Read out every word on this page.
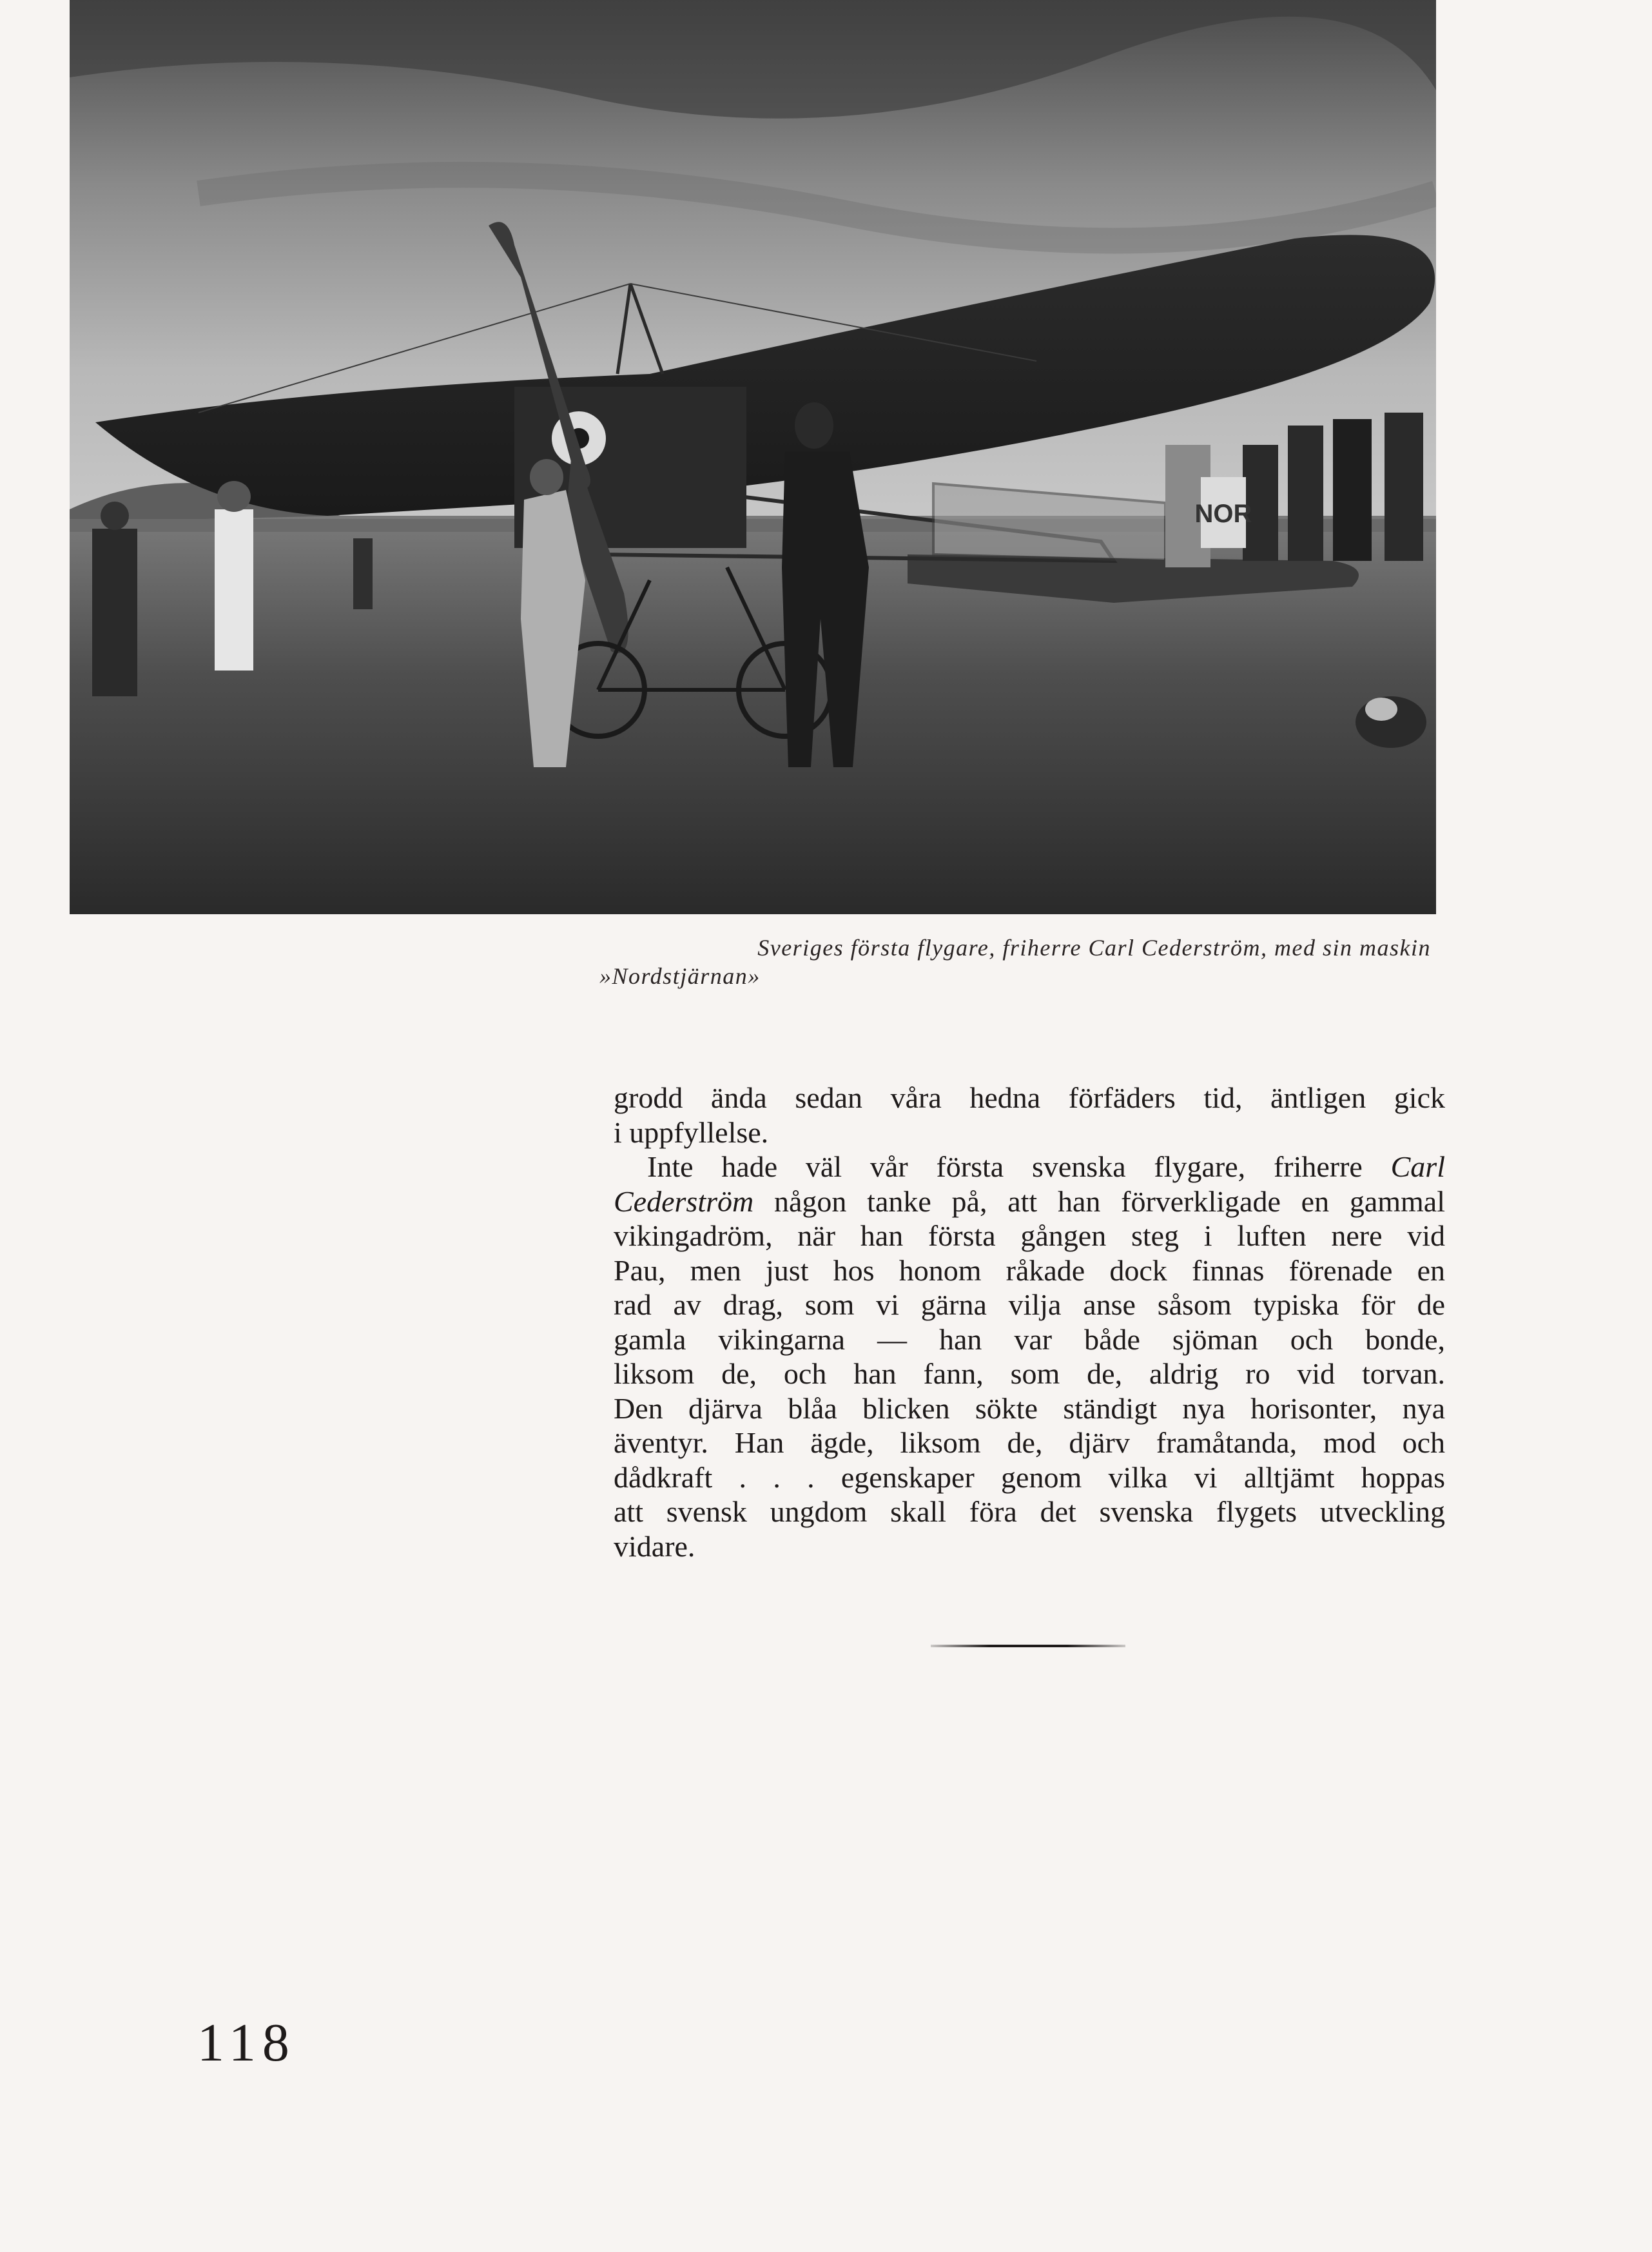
NOR
Sveriges första flygare, friherre Carl Cederström, med sin maskin
»Nordstjärnan»
grodd ända sedan våra hedna förfäders tid, äntligen gick
i uppfyllelse.
Inte hade väl vår första svenska flygare, friherre Carl
Cederström någon tanke på, att han förverkligade en gammal
vikingadröm, när han första gången steg i luften nere vid
Pau, men just hos honom råkade dock finnas förenade en
rad av drag, som vi gärna vilja anse såsom typiska för de
gamla vikingarna — han var både sjöman och bonde,
liksom de, och han fann, som de, aldrig ro vid torvan.
Den djärva blåa blicken sökte ständigt nya horisonter, nya
äventyr. Han ägde, liksom de, djärv framåtanda, mod och
dådkraft . . . egenskaper genom vilka vi alltjämt hoppas
att svensk ungdom skall föra det svenska flygets utveckling
vidare.
118
